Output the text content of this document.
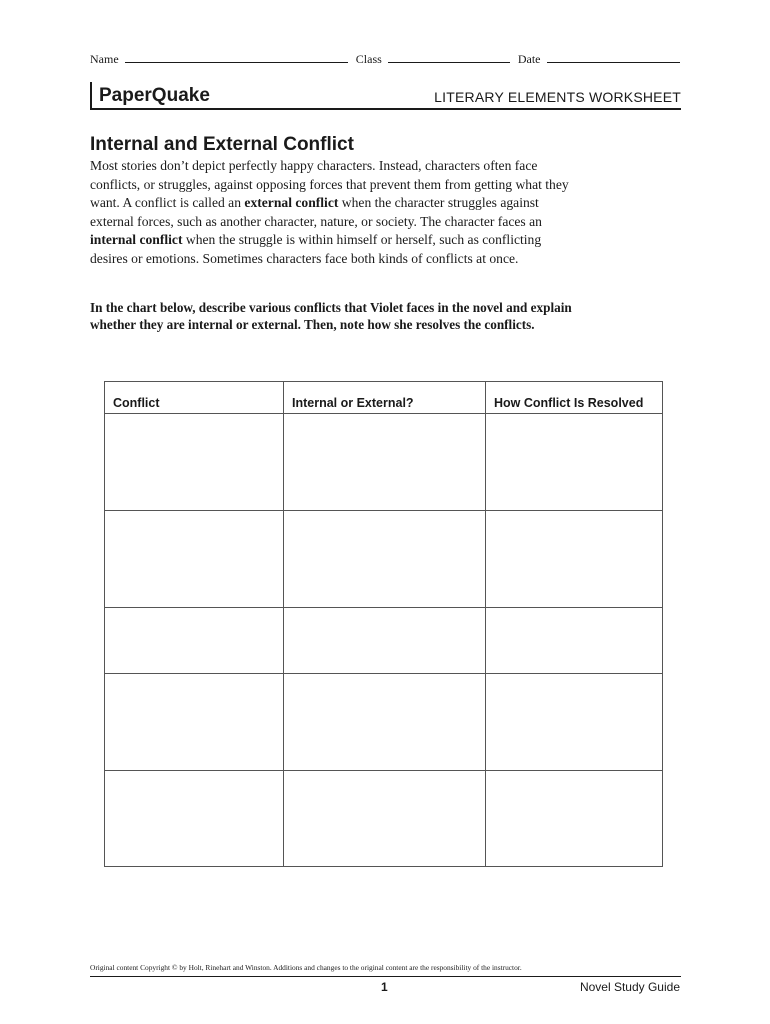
Name	Class	Date
PaperQuake	LITERARY ELEMENTS WORKSHEET
Internal and External Conflict
Most stories don’t depict perfectly happy characters. Instead, characters often face conflicts, or struggles, against opposing forces that prevent them from getting what they want. A conflict is called an external conflict when the character struggles against external forces, such as another character, nature, or society. The character faces an internal conflict when the struggle is within himself or herself, such as conflicting desires or emotions. Sometimes characters face both kinds of conflicts at once.
In the chart below, describe various conflicts that Violet faces in the novel and explain whether they are internal or external. Then, note how she resolves the conflicts.
Conflict	Internal or External?	How Conflict Is Resolved
Original content Copyright © by Holt, Rinehart and Winston. Additions and changes to the original content are the responsibility of the instructor.
1	Novel Study Guide
